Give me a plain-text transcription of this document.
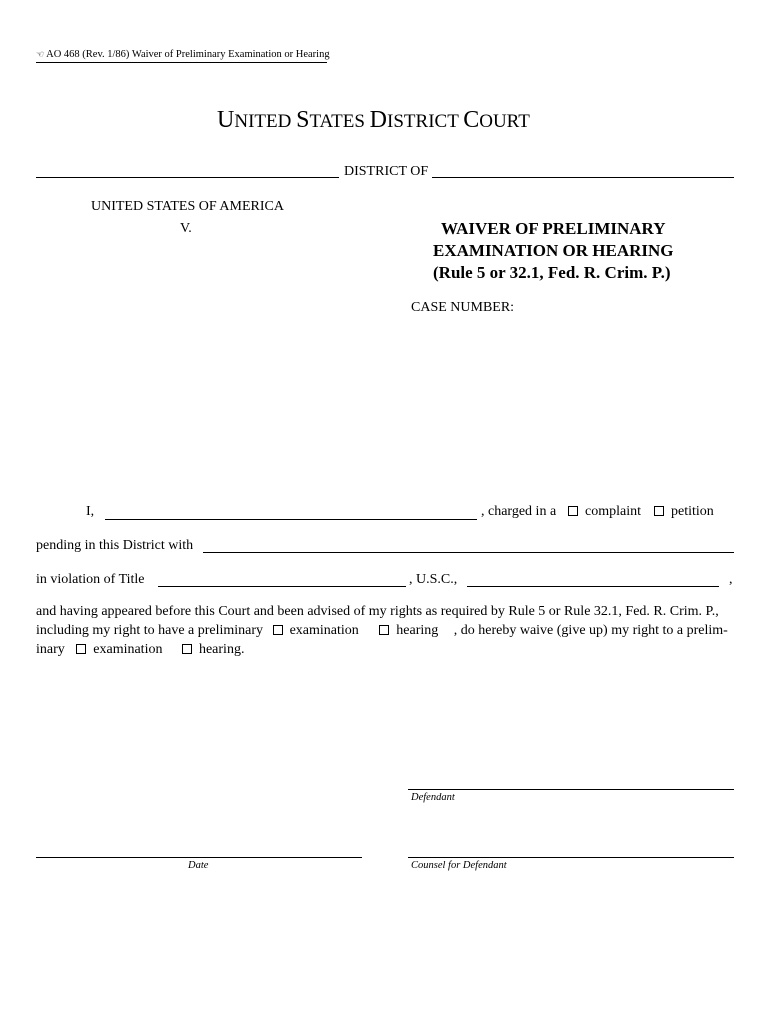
☜ AO 468 (Rev. 1/86) Waiver of Preliminary Examination or Hearing
UNITED STATES DISTRICT COURT
DISTRICT OF
UNITED STATES OF AMERICA
V.	WAIVER OF PRELIMINARY
EXAMINATION OR HEARING
(Rule 5 or 32.1, Fed. R. Crim. P.)
CASE NUMBER:
I,	, charged in a	complaint	petition
pending in this District with
in violation of Title	, U.S.C.,	,
and having appeared before this Court and been advised of my rights as required by Rule 5 or Rule 32.1, Fed. R. Crim. P.,
including my right to have a preliminary examination	hearing , do hereby waive (give up) my right to a prelim-
inary examination	hearing.
Defendant
Date	Counsel for Defendant
